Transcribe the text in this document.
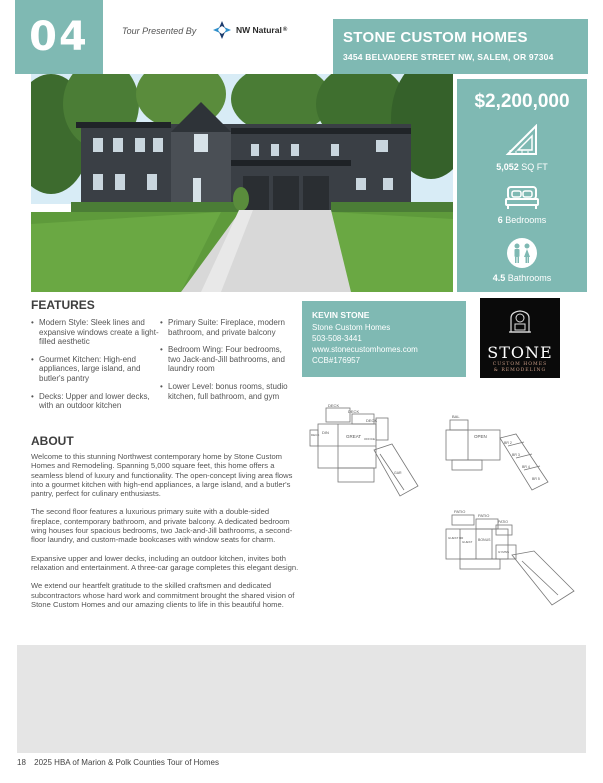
04	Tour Presented By	NW Natural ®	STONE CUSTOM HOMES
3454 BELVADERE STREET NW, SALEM, OR 97304
$2,200,000
5,052 SQ FT
6 Bedrooms
4.5 Bathrooms
FEATURES
• Modern Style: Sleek lines and expansive windows create a light-filled aesthetic
• Gourmet Kitchen: High-end appliances, large island, and butler's pantry
• Decks: Upper and lower decks, with an outdoor kitchen
• Primary Suite: Fireplace, modern bathroom, and private balcony
• Bedroom Wing: Four bedrooms, two Jack-and-Jill bathrooms, and laundry room
• Lower Level: bonus rooms, studio kitchen, full bathroom, and gym
KEVIN STONE
Stone Custom Homes
503-508-3441
www.stonecustomhomes.com
CCB#176957	STONE
CUSTOM HOMES
& REMODELING
ABOUT

Welcome to this stunning Northwest contemporary home by Stone Custom Homes and Remodeling. Spanning 5,000 square feet, this home offers a seamless blend of luxury and functionality. The open-concept living area flows into a gourmet kitchen with high-end appliances, a large island, and a butler's pantry, perfect for culinary enthusiasts.

The second floor features a luxurious primary suite with a double-sided fireplace, contemporary bathroom, and private balcony. A dedicated bedroom wing houses four spacious bedrooms, two Jack-and-Jill bathrooms, a second-floor laundry, and custom-made bookcases with window seats for charm.

Expansive upper and lower decks, including an outdoor kitchen, invites both relaxation and entertainment. A three-car garage completes this elegant design.

We extend our heartfelt gratitude to the skilled craftsmen and dedicated subcontractors whose hard work and commitment brought the shared vision of Stone Custom Homes and our amazing clients to life in this beautiful home.

DECK
DECK
DECK
DIN
GREAT OFFICE
DECK
GAR
BAL
OPEN
BR 2
BR 3
BR 4
BR 5
PATIO
PATIO
PATIO
GUEST BR
GUEST BONUS
GYMNS
18 2025 HBA of Marion & Polk Counties Tour of Homes
